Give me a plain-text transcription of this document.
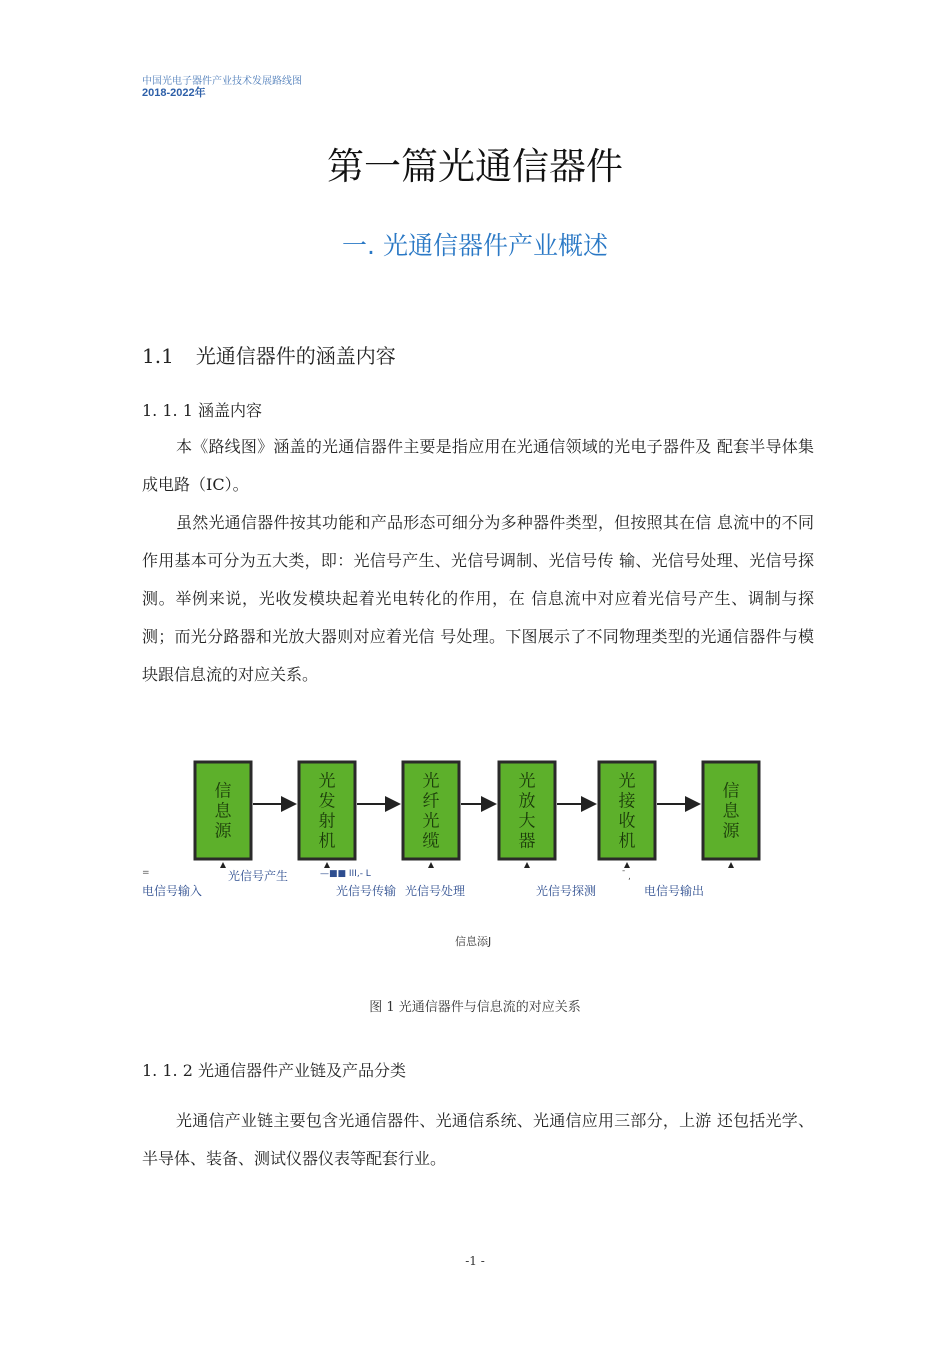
中国光电子器件产业技术发展路线图
2018-2022年
第一篇光通信器件
一. 光通信器件产业概述
1.1 光通信器件的涵盖内容
1. 1. 1 涵盖内容

本《路线图》涵盖的光通信器件主要是指应用在光通信领域的光电子器件及 配套半导体集成电路（IC）。

虽然光通信器件按其功能和产品形态可细分为多种器件类型，但按照其在信 息流中的不同作用基本可分为五大类，即：光信号产生、光信号调制、光信号传 输、光信号处理、光信号探测。举例来说，光收发模块起着光电转化的作用，在 信息流中对应着光信号产生、调制与探测；而光分路器和光放大器则对应着光信 号处理。下图展示了不同物理类型的光通信器件与模块跟信息流的对应关系。

信
息
源
光
发
射
机
光
纤
光
缆
光
放
大
器
光
接
收
机
信
息
源
=	光信号产生	—■■ III,- L	-
,
电信号输入	光信号传输 光信号处理	光信号探测	电信号输出
信息添J
图 1 光通信器件与信息流的对应关系
1. 1. 2 光通信器件产业链及产品分类

光通信产业链主要包含光通信器件、光通信系统、光通信应用三部分，上游 还包括光学、半导体、装备、测试仪器仪表等配套行业。

-1 -
